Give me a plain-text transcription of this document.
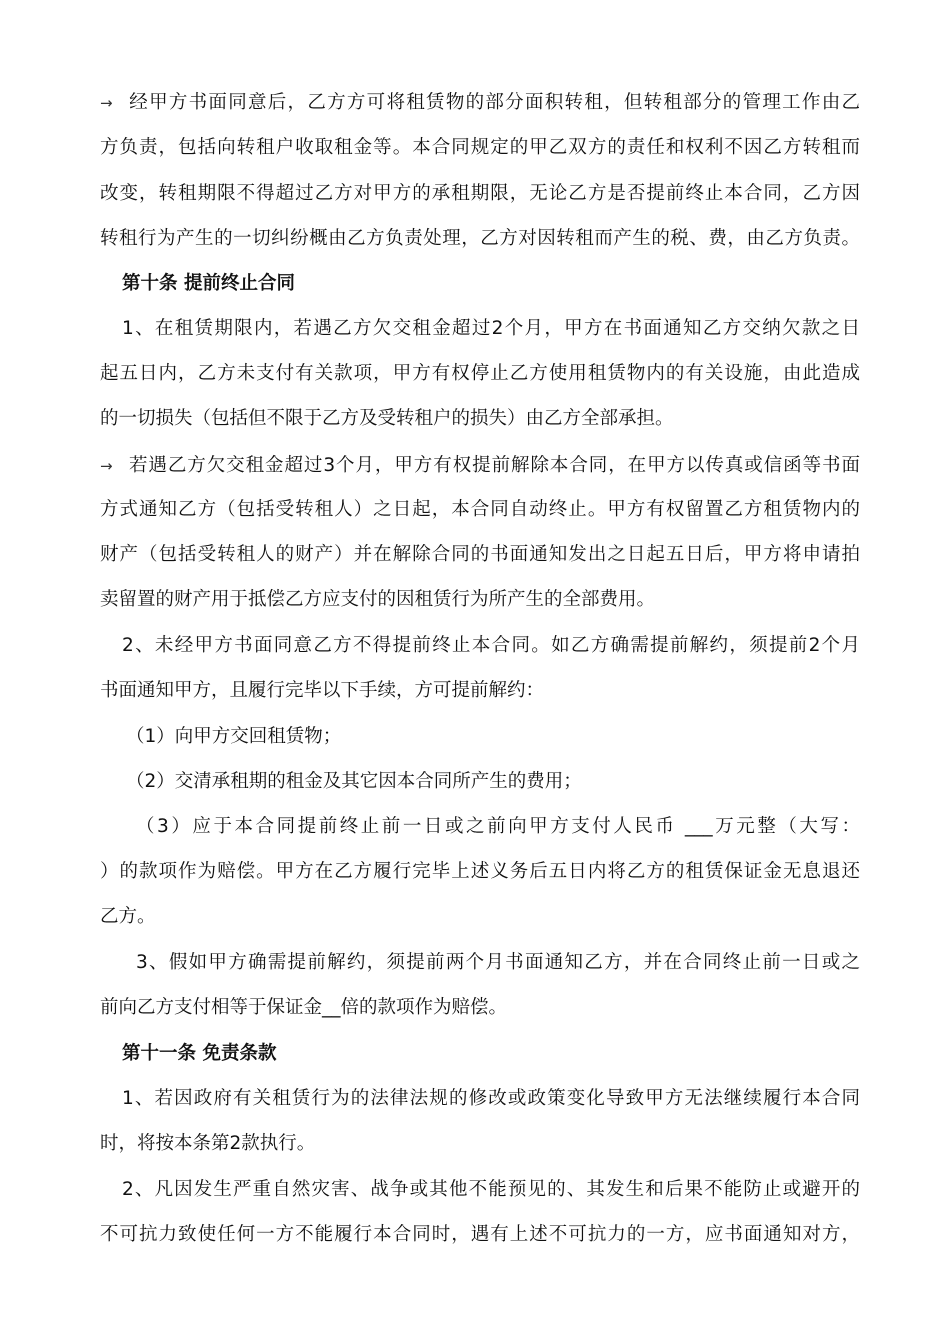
→ 经甲方书面同意后，乙方方可将租赁物的部分面积转租，但转租部分的管理工作由乙
方负责，包括向转租户收取租金等。本合同规定的甲乙双方的责任和权利不因乙方转租而
改变，转租期限不得超过乙方对甲方的承租期限，无论乙方是否提前终止本合同，乙方因
转租行为产生的一切纠纷概由乙方负责处理，乙方对因转租而产生的税、费，由乙方负责。
第十条 提前终止合同
1、在租赁期限内，若遇乙方欠交租金超过2个月，甲方在书面通知乙方交纳欠款之日
起五日内，乙方未支付有关款项，甲方有权停止乙方使用租赁物内的有关设施，由此造成
的一切损失（包括但不限于乙方及受转租户的损失）由乙方全部承担。
→ 若遇乙方欠交租金超过3个月，甲方有权提前解除本合同，在甲方以传真或信函等书面
方式通知乙方（包括受转租人）之日起，本合同自动终止。甲方有权留置乙方租赁物内的
财产（包括受转租人的财产）并在解除合同的书面通知发出之日起五日后，甲方将申请拍
卖留置的财产用于抵偿乙方应支付的因租赁行为所产生的全部费用。
2、未经甲方书面同意乙方不得提前终止本合同。如乙方确需提前解约，须提前2个月
书面通知甲方，且履行完毕以下手续，方可提前解约：
（1）向甲方交回租赁物；
（2）交清承租期的租金及其它因本合同所产生的费用；
（3）应于本合同提前终止前一日或之前向甲方支付人民币 ___万元整（大写：
）的款项作为赔偿。甲方在乙方履行完毕上述义务后五日内将乙方的租赁保证金无息退还
乙方。
3、假如甲方确需提前解约，须提前两个月书面通知乙方，并在合同终止前一日或之
前向乙方支付相等于保证金__倍的款项作为赔偿。
第十一条 免责条款
1、若因政府有关租赁行为的法律法规的修改或政策变化导致甲方无法继续履行本合同
时，将按本条第2款执行。
2、凡因发生严重自然灾害、战争或其他不能预见的、其发生和后果不能防止或避开的
不可抗力致使任何一方不能履行本合同时，遇有上述不可抗力的一方，应书面通知对方，
